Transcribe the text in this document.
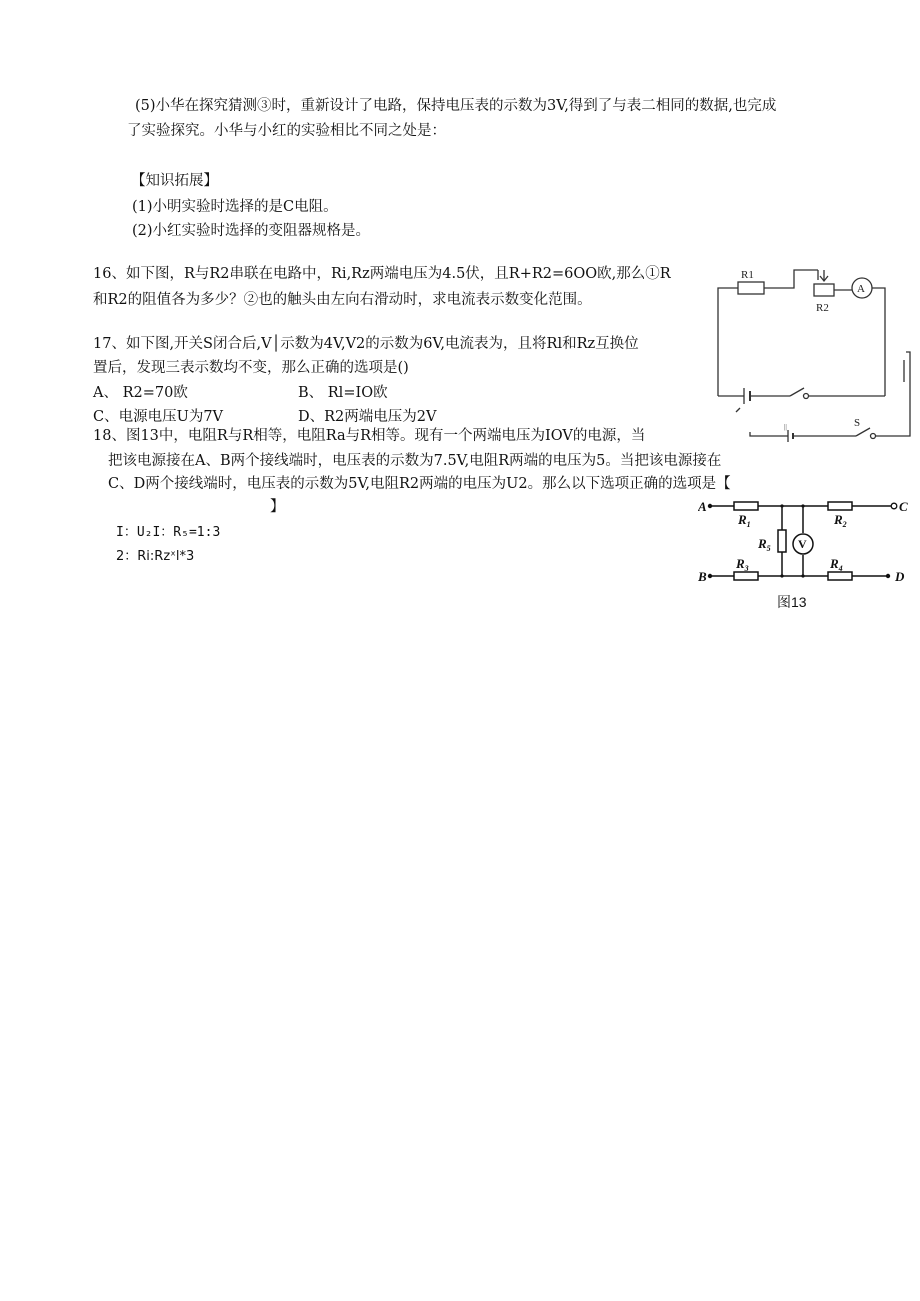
(5)小华在探究猜测③时，重新设计了电路，保持电压表的示数为3V,得到了与表二相同的数据,也完成
了实验探究。小华与小红的实验相比不同之处是：
【知识拓展】
(1)小明实验时选择的是C电阻。
(2)小红实验时选择的变阻器规格是。
16、如下图，R与R2串联在电路中，Ri,Rz两端电压为4.5伏，且R+R2=6OO欧,那么①R
和R2的阻值各为多少？②也的触头由左向右滑动时，求电流表示数变化范围。
17、如下图,开关S闭合后,V│示数为4V,V2的示数为6V,电流表为，且将Rl和Rz互换位
置后，发现三表示数均不变，那么正确的选项是()
A、 R2=70欧	B、 Rl=IO欧
C、电源电压U为7V	D、R2两端电压为2V
18、图13中，电阻R与R相等，电阻Ra与R相等。现有一个两端电压为IOV的电源，当
把该电源接在A、B两个接线端时，电压表的示数为7.5V,电阻R两端的电压为5。当把该电源接在
C、D两个接线端时，电压表的示数为5V,电阻R2两端的电压为U2。那么以下选项正确的选项是【
】
I：U₂I：R₅=1:3
2：Ri:Rzˣl*3
R1
R2
A
S
||
A	C
B	D
$R_1$	$R_2$
$R_3$	$R_4$
$R_5$ V
图13
